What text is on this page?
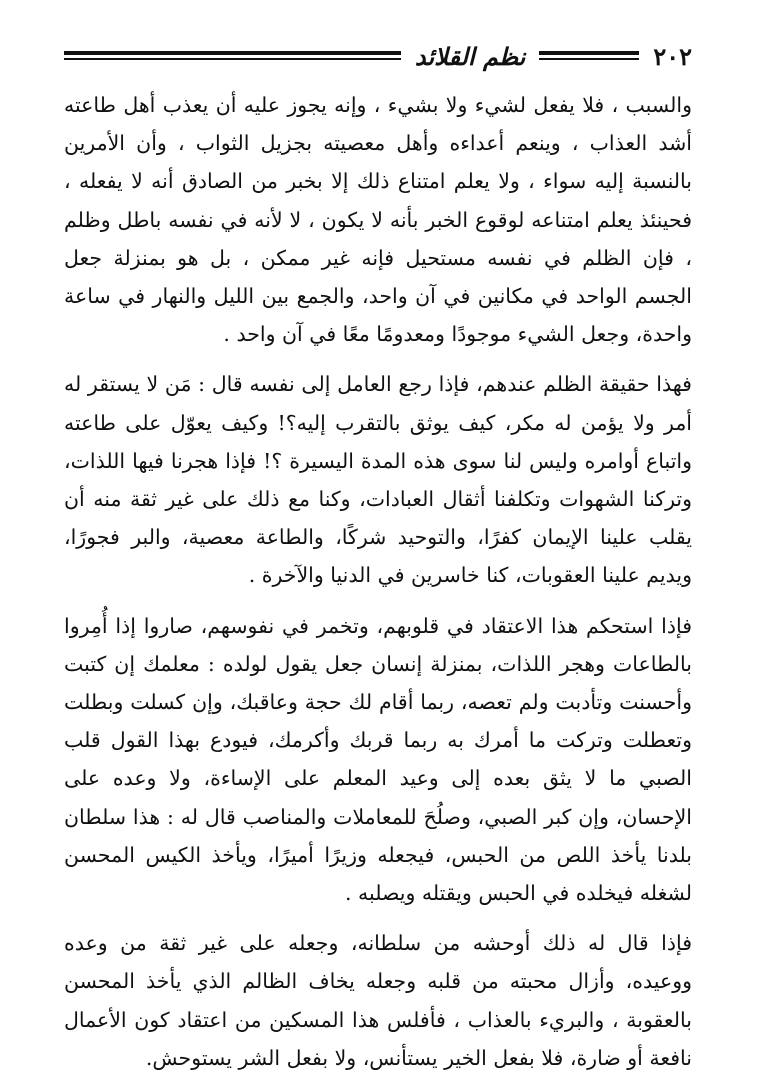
نظم القلائد	٢٠٢

والسبب ، فلا يفعل لشيء ولا بشيء ، وإنه يجوز عليه أن يعذب أهل طاعته أشد العذاب ، وينعم أعداءه وأهل معصيته بجزيل الثواب ، وأن الأمرين بالنسبة إليه سواء ، ولا يعلم امتناع ذلك إلا بخبر من الصادق أنه لا يفعله ، فحينئذ يعلم امتناعه لوقوع الخبر بأنه لا يكون ، لا لأنه في نفسه باطل وظلم ، فإن الظلم في نفسه مستحيل فإنه غير ممكن ، بل هو بمنزلة جعل الجسم الواحد في مكانين في آن واحد، والجمع بين الليل والنهار في ساعة واحدة، وجعل الشيء موجودًا ومعدومًا معًا في آن واحد .

فهذا حقيقة الظلم عندهم، فإذا رجع العامل إلى نفسه قال : مَن لا يستقر له أمر ولا يؤمن له مكر، كيف يوثق بالتقرب إليه؟! وكيف يعوّل على طاعته واتباع أوامره وليس لنا سوى هذه المدة اليسيرة ؟! فإذا هجرنا فيها اللذات، وتركنا الشهوات وتكلفنا أثقال العبادات، وكنا مع ذلك على غير ثقة منه أن يقلب علينا الإيمان كفرًا، والتوحيد شركًا، والطاعة معصية، والبر فجورًا، ويديم علينا العقوبات، كنا خاسرين في الدنيا والآخرة .

فإذا استحكم هذا الاعتقاد في قلوبهم، وتخمر في نفوسهم، صاروا إذا أُمِروا بالطاعات وهجر اللذات، بمنزلة إنسان جعل يقول لولده : معلمك إن كتبت وأحسنت وتأدبت ولم تعصه، ربما أقام لك حجة وعاقبك، وإن كسلت وبطلت وتعطلت وتركت ما أمرك به ربما قربك وأكرمك، فيودع بهذا القول قلب الصبي ما لا يثق بعده إلى وعيد المعلم على الإساءة، ولا وعده على الإحسان، وإن كبر الصبي، وصلُحَ للمعاملات والمناصب قال له : هذا سلطان بلدنا يأخذ اللص من الحبس، فيجعله وزيرًا أميرًا، ويأخذ الكيس المحسن لشغله فيخلده في الحبس ويقتله ويصلبه .

فإذا قال له ذلك أوحشه من سلطانه، وجعله على غير ثقة من وعده ووعيده، وأزال محبته من قلبه وجعله يخاف الظالم الذي يأخذ المحسن بالعقوبة ، والبريء بالعذاب ، فأفلس هذا المسكين من اعتقاد كون الأعمال نافعة أو ضارة، فلا بفعل الخير يستأنس، ولا بفعل الشر يستوحش.
